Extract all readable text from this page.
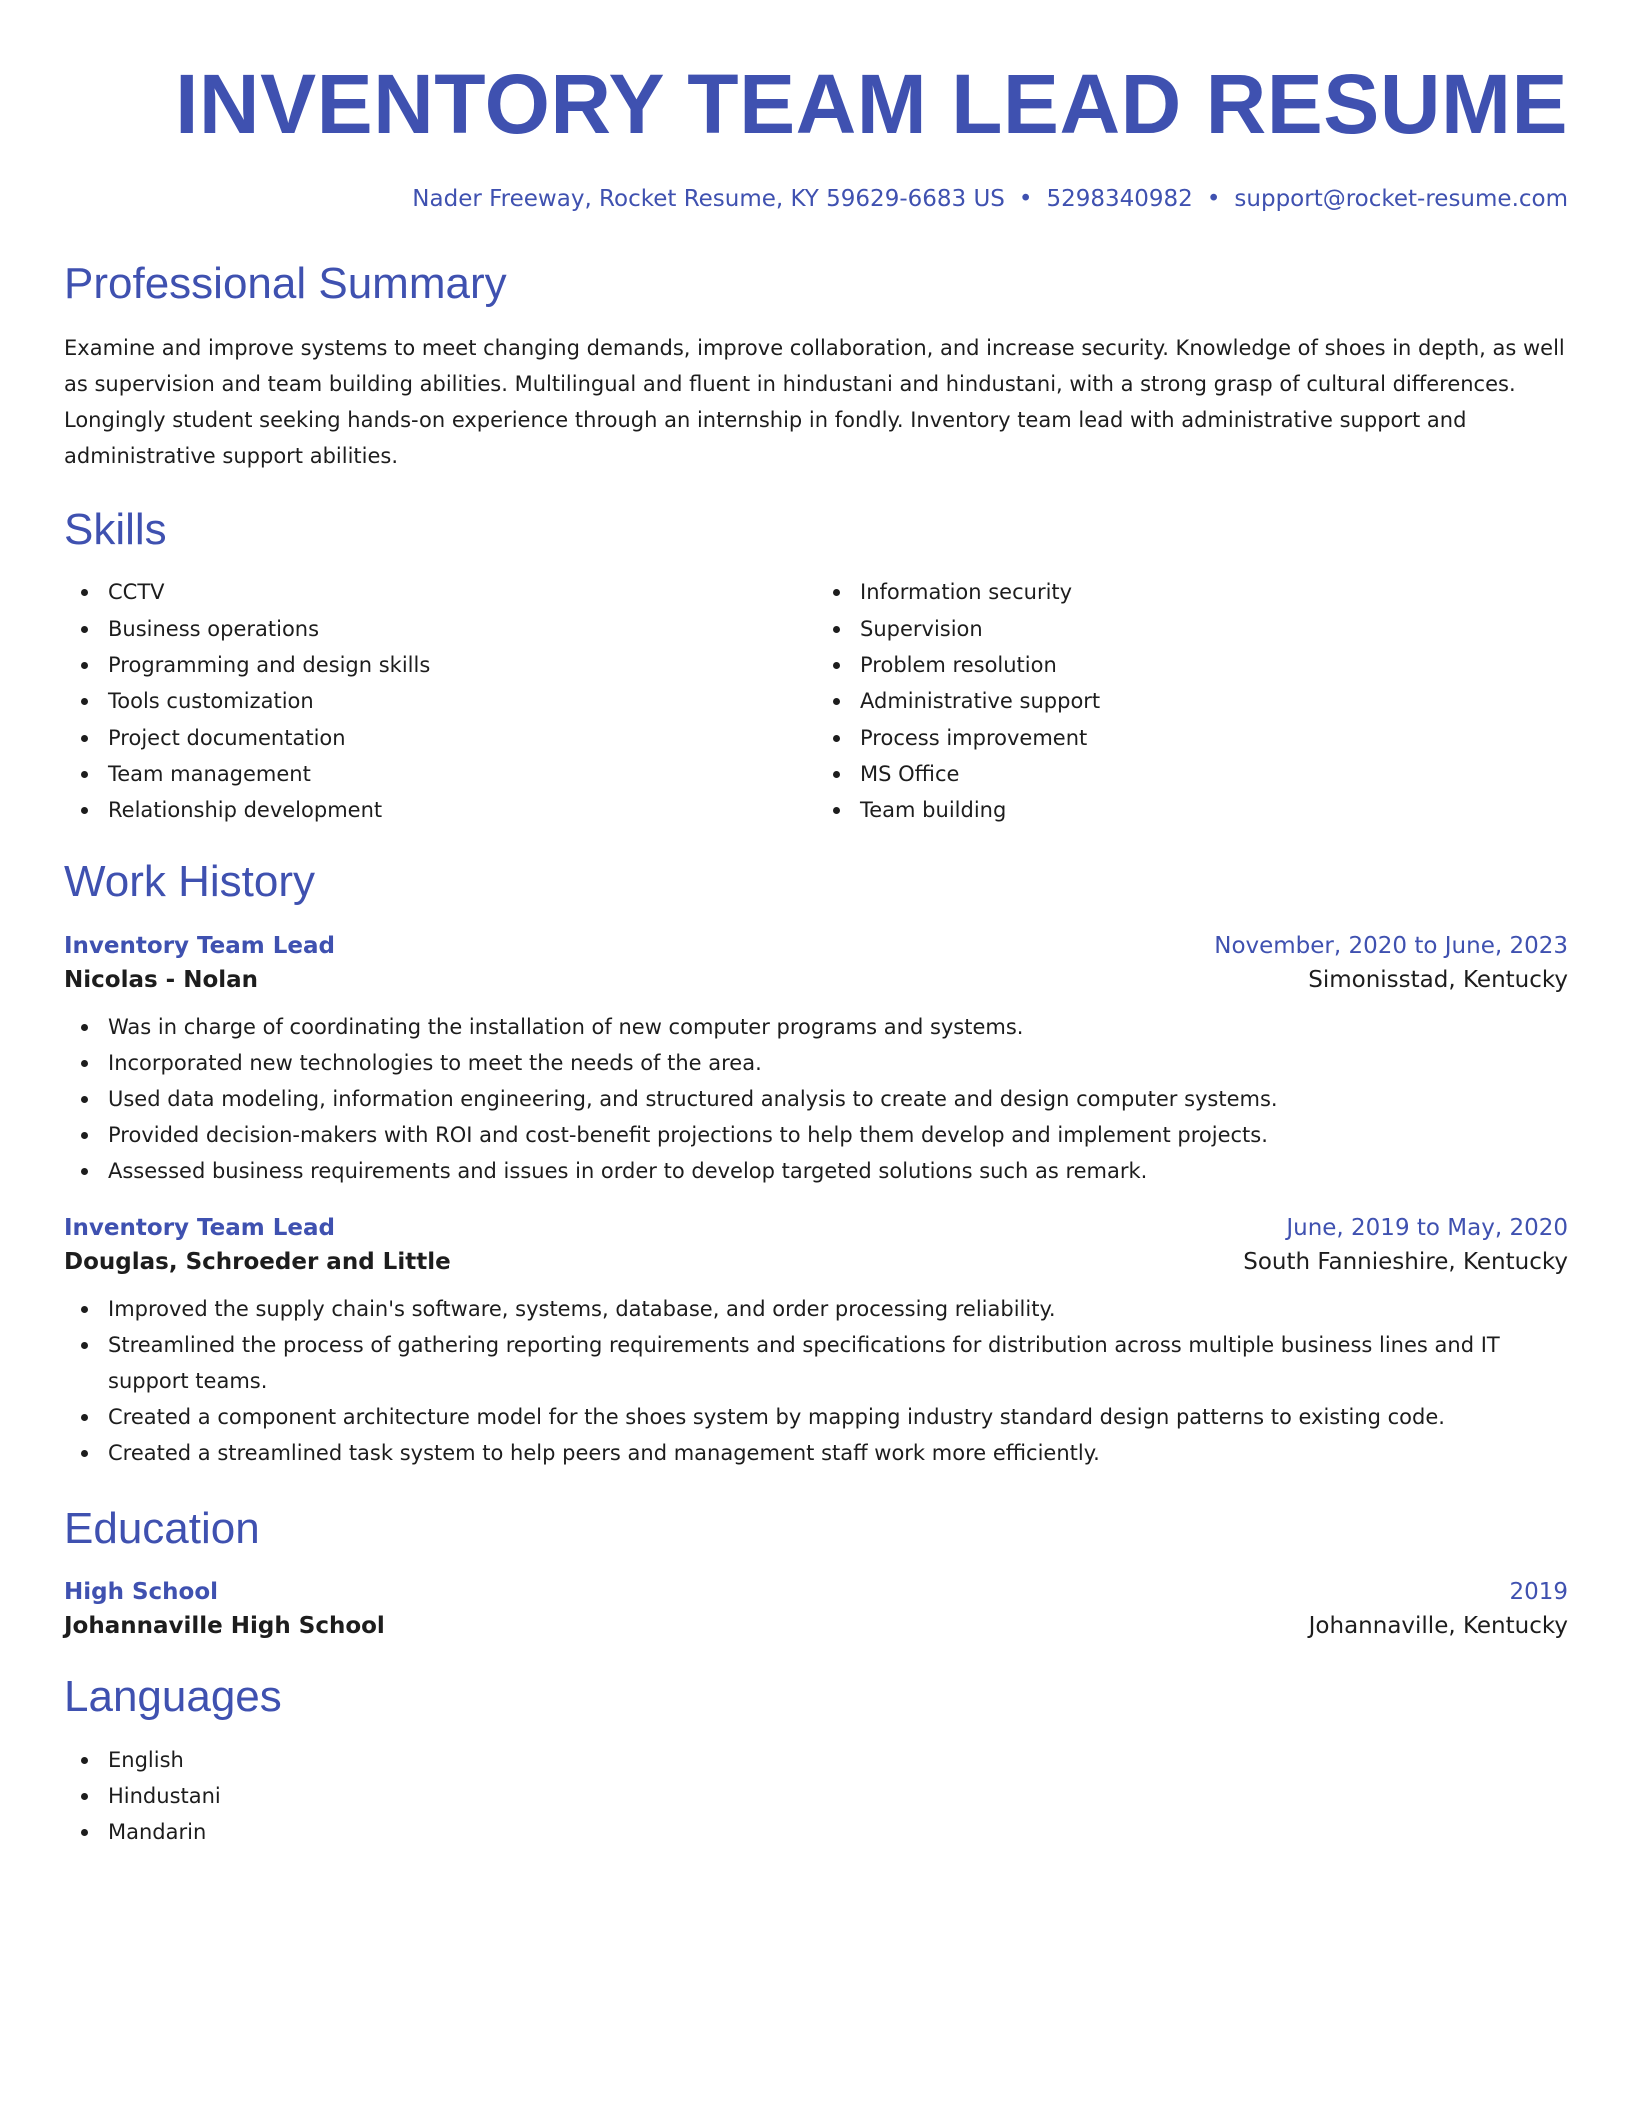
INVENTORY TEAM LEAD RESUME
Nader Freeway, Rocket Resume, KY 59629-6683 US • 5298340982 • support@rocket-resume.com
Professional Summary

Examine and improve systems to meet changing demands, improve collaboration, and increase security. Knowledge of shoes in depth, as well as supervision and team building abilities. Multilingual and fluent in hindustani and hindustani, with a strong grasp of cultural differences. Longingly student seeking hands-on experience through an internship in fondly. Inventory team lead with administrative support and administrative support abilities.

Skills
CCTV
Business operations
Programming and design skills
Tools customization
Project documentation
Team management
Relationship development
Information security
Supervision
Problem resolution
Administrative support
Process improvement
MS Office
Team building
Work History
Inventory Team Lead	November, 2020 to June, 2023
Nicolas - Nolan	Simonisstad, Kentucky
Was in charge of coordinating the installation of new computer programs and systems.
Incorporated new technologies to meet the needs of the area.
Used data modeling, information engineering, and structured analysis to create and design computer systems.
Provided decision-makers with ROI and cost-benefit projections to help them develop and implement projects.
Assessed business requirements and issues in order to develop targeted solutions such as remark.
Inventory Team Lead	June, 2019 to May, 2020
Douglas, Schroeder and Little	South Fannieshire, Kentucky
Improved the supply chain's software, systems, database, and order processing reliability.
Streamlined the process of gathering reporting requirements and specifications for distribution across multiple business lines and IT support teams.
Created a component architecture model for the shoes system by mapping industry standard design patterns to existing code.
Created a streamlined task system to help peers and management staff work more efficiently.
Education
High School	2019
Johannaville High School	Johannaville, Kentucky
Languages
English
Hindustani
Mandarin
